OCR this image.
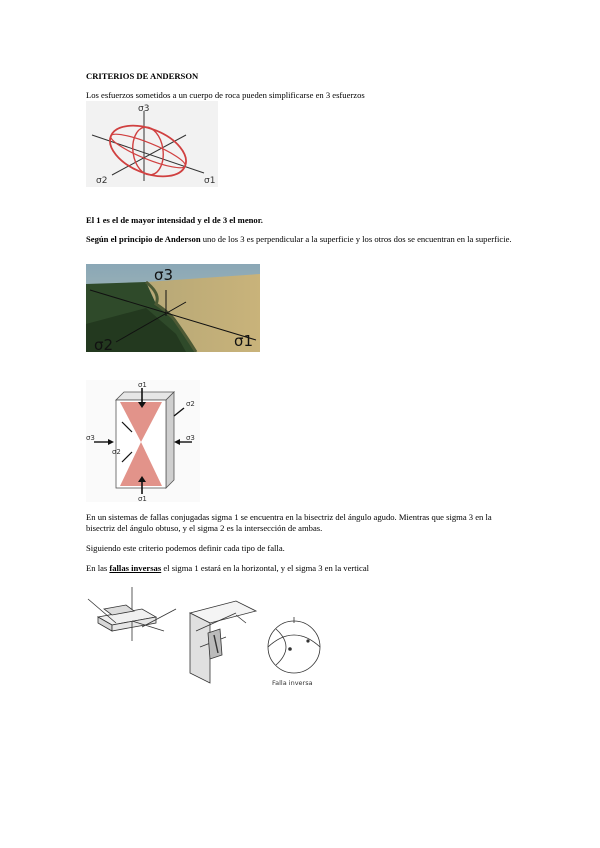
CRITERIOS DE ANDERSON
Los esfuerzos sometidos a un cuerpo de roca pueden simplificarse en 3 esfuerzos
σ3
σ2	σ1
El 1 es el de mayor intensidad y el de 3 el menor.
Según el principio de Anderson uno de los 3 es perpendicular a la superficie y los otros dos se encuentran en la superficie.
σ3
σ2	σ1
σ1
σ1
σ3	σ3
σ2
σ2
En un sistemas de fallas conjugadas sigma 1 se encuentra en la bisectriz del ángulo agudo. Mientras que sigma 3 en la bisectriz del ángulo obtuso, y el sigma 2 es la intersección de ambas.
Siguiendo este criterio podemos definir cada tipo de falla.
En las fallas inversas el sigma 1 estará en la horizontal, y el sigma 3 en la vertical
Falla inversa
